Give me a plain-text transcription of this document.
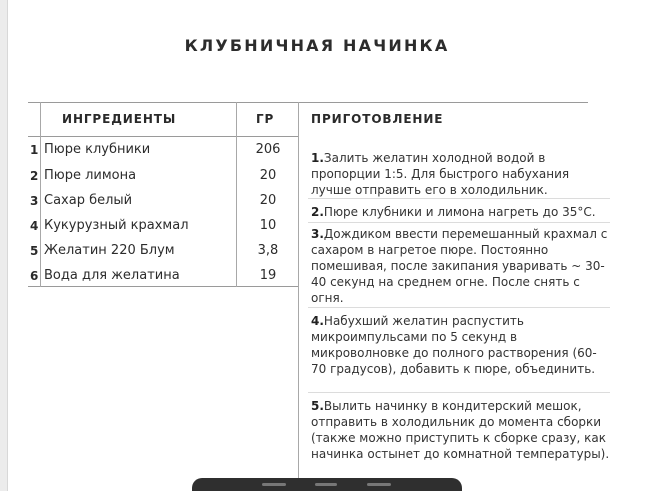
КЛУБНИЧНАЯ НАЧИНКА
ИНГРЕДИЕНТЫ	ГР	ПРИГОТОВЛЕНИЕ
1 Пюре клубники	206
2 Пюре лимона	20
3 Сахар белый	20
4 Кукурузный крахмал	10
5 Желатин 220 Блум	3,8
6 Вода для желатина	19
1.Залить желатин холодной водой в пропорции 1:5. Для быстрого набухания лучше отправить его в холодильник.
2.Пюре клубники и лимона нагреть до 35°С.
3.Дождиком ввести перемешанный крахмал с сахаром в нагретое пюре. Постоянно помешивая, после закипания уваривать ~ 30-40 секунд на среднем огне. После снять с огня.
4.Набухший желатин распустить микроимпульсами по 5 секунд в микроволновке до полного растворения (60-70 градусов), добавить к пюре, объединить.
5.Вылить начинку в кондитерский мешок, отправить в холодильник до момента сборки (также можно приступить к сборке сразу, как начинка остынет до комнатной температуры).
